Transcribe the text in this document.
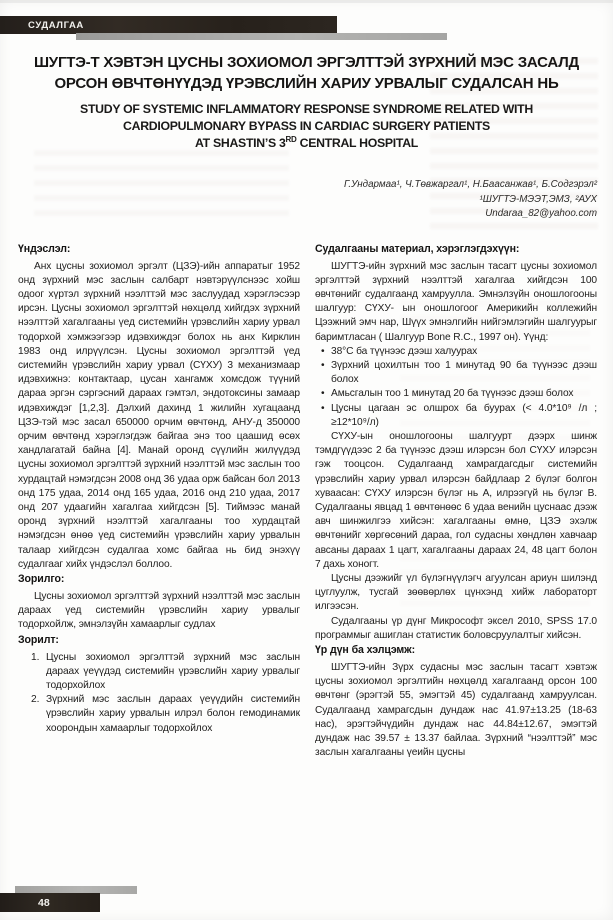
СУДАЛГАА
ШУГТЭ-Т ХЭВТЭН ЦУСНЫ ЗОХИОМОЛ ЭРГЭЛТТЭЙ ЗҮРХНИЙ МЭС ЗАСАЛД ОРСОН ӨВЧТӨНҮҮДЭД ҮРЭВСЛИЙН ХАРИУ УРВАЛЫГ СУДАЛСАН НЬ
STUDY OF SYSTEMIC INFLAMMATORY RESPONSE SYNDROME RELATED WITH CARDIOPULMONARY BYPASS IN CARDIAC SURGERY PATIENTS
AT SHASTIN’S 3RD CENTRAL HOSPITAL
Г.Ундармаа¹, Ч.Төвжаргал¹, Н.Баасанжав¹, Б.Содгэрэл²
¹ШУГТЭ-МЭЭТ,ЭМЗ, ²АУХ
Undaraa_82@yahoo.com
Үндэслэл:

Анх цусны зохиомол эргэлт (ЦЗЭ)-ийн аппаратыг 1952 онд зүрхний мэс заслын салбарт нэвтэрүүлснээс хойш одоог хүртэл зүрхний нээлттэй мэс заслуудад хэрэглэсээр ирсэн. Цусны зохиомол эргэлттэй нөхцөлд хийгдэх зүрхний нээлттэй хагалгааны үед системийн үрэвслийн хариу урвал тодорхой хэмжээгээр идэвхиждэг болох нь анх Кирклин 1983 онд илрүүлсэн. Цусны зохиомол эргэлттэй үед системийн үрэвслийн хариу урвал (СҮХУ) 3 механизмаар идэвхижнэ: контактаар, цусан хангамж хомсдож түүний дараа эргэн сэргэсний дараах гэмтэл, эндотоксины замаар идэвхиждэг [1,2,3]. Дэлхий дахинд 1 жилийн хугацаанд ЦЗЭ-тэй мэс засал 650000 орчим өвчтөнд, АНУ-д 350000 орчим өвчтөнд хэрэглэгдэж байгаа энэ тоо цаашид өсөх хандлагатай байна [4]. Манай оронд сүүлийн жилүүдэд цусны зохиомол эргэлттэй зүрхний нээлттэй мэс заслын тоо хурдацтай нэмэгдсэн 2008 онд 36 удаа орж байсан бол 2013 онд 175 удаа, 2014 онд 165 удаа, 2016 онд 210 удаа, 2017 онд 207 удаагийн хагалгаа хийгдсэн [5]. Тиймээс манай оронд зүрхний нээлттэй хагалгааны тоо хурдацтай нэмэгдсэн өнөө үед системийн үрэвслийн хариу урвалын талаар хийгдсэн судалгаа хомс байгаа нь бид энэхүү судалгааг хийх үндэслэл боллоо.

Зорилго:

Цусны зохиомол эргэлттэй зүрхний нээлттэй мэс заслын дараах үед системийн үрэвслийн хариу урвалыг тодорхойлж, эмнэлзүйн хамаарлыг судлах

Зорилт:
1. Цусны зохиомол эргэлттэй зүрхний мэс заслын дараах үеүүдэд системийн үрэвслийн хариу урвалыг тодорхойлох
2. Зүрхний мэс заслын дараах үеүүдийн системийн үрэвслийн хариу урвалын илрэл болон гемодинамик хоорондын хамаарлыг тодорхойлох
Судалгааны материал, хэрэглэгдэхүүн:

ШУГТЭ-ийн зүрхний мэс заслын тасагт цусны зохиомол эргэлттэй зүрхний нээлттэй хагалгаа хийгдсэн 100 өвчтөнийг судалгаанд хамруулла. Эмнэлзүйн оношлогооны шалгуур: СҮХУ- ын оношлогоог Америкийн коллежийн Цээжний эмч нар, Шүүх эмнэлгийн нийгэмлэгийн шалгуурыг баримтласан ( Шалгуур Bone R.C., 1997 он). Үүнд:

• 38°С ба түүнээс дээш халуурах
• Зүрхний цохилтын тоо 1 минутад 90 ба түүнээс дээш болох
• Амьсгалын тоо 1 минутад 20 ба түүнээс дээш болох
• Цусны цагаан эс олшрох ба буурах (< 4.0*10⁹ /л ; ≥12*10⁹/л)

СҮХУ-ын оношлогооны шалгуурт дээрх шинж тэмдгүүдээс 2 ба түүнээс дээш илэрсэн бол СҮХУ илэрсэн гэж тооцсон. Судалгаанд хамрагдагсдыг системийн үрэвслийн хариу урвал илэрсэн байдлаар 2 бүлэг болгон хуваасан: СҮХУ илэрсэн бүлэг нь А, илрээгүй нь бүлэг В. Судалгааны явцад 1 өвчтөнөөс 6 удаа венийн цуснаас дээж авч шинжилгээ хийсэн: хагалгааны өмнө, ЦЗЭ эхэлж өвчтөнийг хөргөсөний дараа, гол судасны хөндлөн хавчаар авсаны дараах 1 цагт, хагалгааны дараах 24, 48 цагт болон 7 дахь хоногт.

Цусны дээжийг үл бүлэгнүүлэгч агуулсан ариун шилэнд цуглуулж, тусгай зөөвөрлөх цүнхэнд хийж лабораторт илгээсэн.

Судалгааны үр дүнг Микрософт эксел 2010, SPSS 17.0 программыг ашиглан статистик боловсруулалтыг хийсэн.

Үр дүн ба хэлцэмж:

ШУГТЭ-ийн Зүрх судасны мэс заслын тасагт хэвтэж цусны зохиомол эргэлтийн нөхцөлд хагалгаанд орсон 100 өвчтөнг (эрэгтэй 55, эмэгтэй 45) судалгаанд хамруулсан. Судалгаанд хамрагсдын дундаж нас 41.97±13.25 (18-63 нас), эрэгтэйчүдийн дундаж нас 44.84±12.67, эмэгтэй дундаж нас 39.57 ± 13.37 байлаа. Зүрхний “нээлттэй” мэс заслын хагалгааны үеийн цусны

48
